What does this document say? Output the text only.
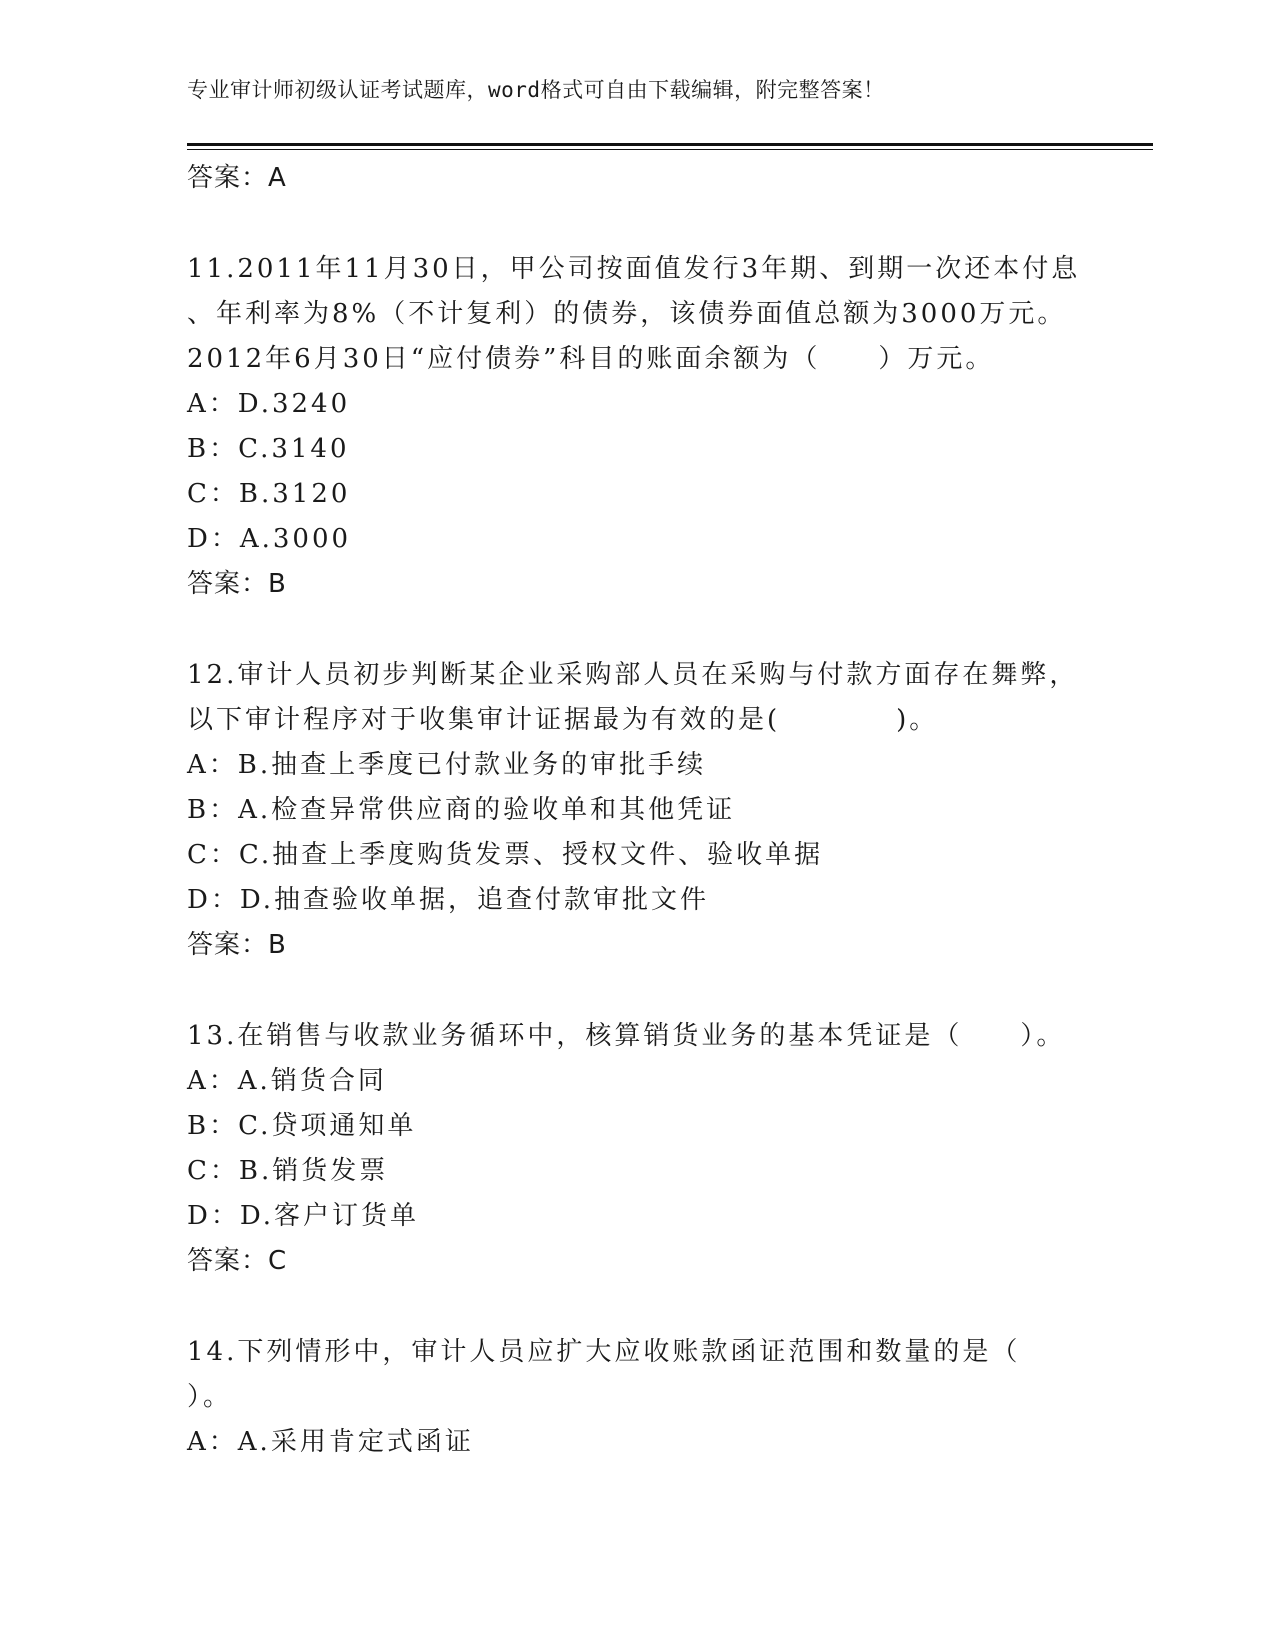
专业审计师初级认证考试题库，word格式可自由下载编辑，附完整答案！
答案：A
11.2011年11月30日，甲公司按面值发行3年期、到期一次还本付息
、年利率为8%（不计复利）的债券，该债券面值总额为3000万元。
2012年6月30日“应付债券”科目的账面余额为（　　）万元。
A：D.3240
B：C.3140
C：B.3120
D：A.3000
答案：B
12.审计人员初步判断某企业采购部人员在采购与付款方面存在舞弊，
以下审计程序对于收集审计证据最为有效的是(　　　　)。
A：B.抽查上季度已付款业务的审批手续
B：A.检查异常供应商的验收单和其他凭证
C：C.抽查上季度购货发票、授权文件、验收单据
D：D.抽查验收单据，追查付款审批文件
答案：B
13.在销售与收款业务循环中，核算销货业务的基本凭证是（　　）。
A：A.销货合同
B：C.贷项通知单
C：B.销货发票
D：D.客户订货单
答案：C
14.下列情形中，审计人员应扩大应收账款函证范围和数量的是（
）。
A：A.采用肯定式函证
